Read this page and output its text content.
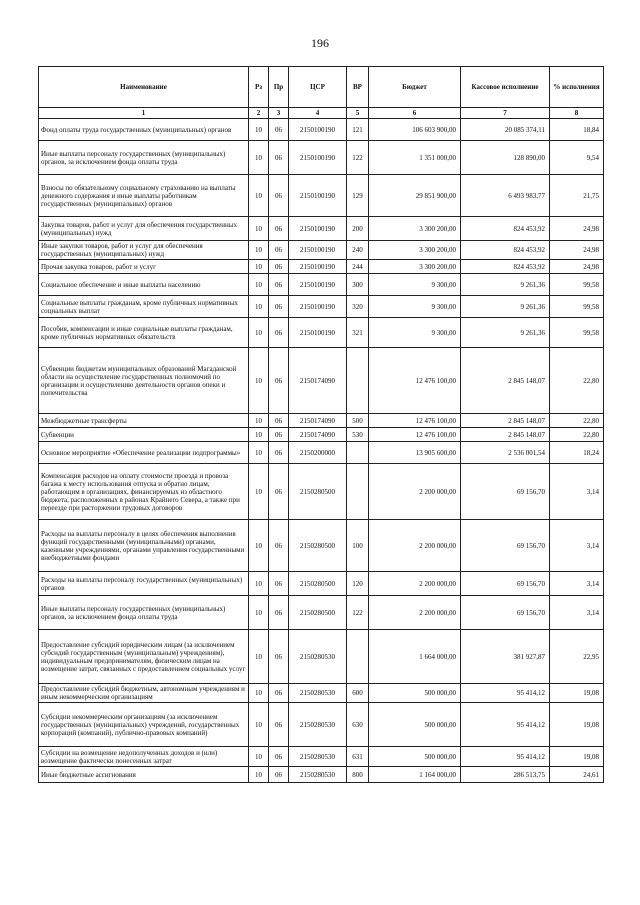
196
Наименование	Рз	Пр	ЦСР	ВР	Бюджет	Кассовое исполнение	% исполнения
1	2	3	4	5	6	7	8
Фонд оплаты труда государственных (муниципальных) органов	10	06	2150100190	121	106 603 900,00	20 085 374,11	18,84
Иные выплаты персоналу государственных (муниципальных) органов, за исключением фонда оплаты труда	10	06	2150100190	122	1 351 000,00	128 890,00	9,54
Взносы по обязательному социальному страхованию на выплаты денежного содержания и иные выплаты работникам государственных (муниципальных) органов	10	06	2150100190	129	29 851 900,00	6 493 983,77	21,75
Закупка товаров, работ и услуг для обеспечения государственных (муниципальных) нужд	10	06	2150100190	200	3 300 200,00	824 453,92	24,98
Иные закупки товаров, работ и услуг для обеспечения государственных (муниципальных) нужд	10	06	2150100190	240	3 300 200,00	824 453,92	24,98
Прочая закупка товаров, работ и услуг	10	06	2150100190	244	3 300 200,00	824 453,92	24,98
Социальное обеспечение и иные выплаты населению	10	06	2150100190	300	9 300,00	9 261,36	99,58
Социальные выплаты гражданам, кроме публичных нормативных социальных выплат	10	06	2150100190	320	9 300,00	9 261,36	99,58
Пособия, компенсации и иные социальные выплаты гражданам, кроме публичных нормативных обязательств	10	06	2150100190	321	9 300,00	9 261,36	99,58
Субвенции бюджетам муниципальных образований Магаданской области на осуществление государственных полномочий по организации и осуществлению деятельности органов опеки и попечительства	10	06	2150174090		12 476 100,00	2 845 148,07	22,80
Межбюджетные трансферты	10	06	2150174090	500	12 476 100,00	2 845 148,07	22,80
Субвенции	10	06	2150174090	530	12 476 100,00	2 845 148,07	22,80
Основное мероприятие «Обеспечение реализации подпрограммы»	10	06	2150200000		13 905 600,00	2 536 001,54	18,24
Компенсация расходов на оплату стоимости проезда и провоза багажа к месту использования отпуска и обратно лицам, работающим в организациях, финансируемых из областного бюджета, расположенных в районах Крайнего Севера, а также при переезде при расторжении трудовых договоров	10	06	2150280500		2 200 000,00	69 156,70	3,14
Расходы на выплаты персоналу в целях обеспечения выполнения функций государственными (муниципальными) органами, казенными учреждениями, органами управления государственными внебюджетными фондами	10	06	2150280500	100	2 200 000,00	69 156,70	3,14
Расходы на выплаты персоналу государственных (муниципальных) органов	10	06	2150280500	120	2 200 000,00	69 156,70	3,14
Иные выплаты персоналу государственных (муниципальных) органов, за исключением фонда оплаты труда	10	06	2150280500	122	2 200 000,00	69 156,70	3,14
Предоставление субсидий юридическим лицам (за исключением субсидий государственным (муниципальным) учреждениям), индивидуальным предпринимателям, физическим лицам на возмещение затрат, связанных с предоставлением социальных услуг	10	06	2150280530		1 664 000,00	381 927,87	22,95
Предоставление субсидий бюджетным, автономным учреждениям и иным некоммерческим организациям	10	06	2150280530	600	500 000,00	95 414,12	19,08
Субсидии некоммерческим организациям (за исключением государственных (муниципальных) учреждений, государственных корпораций (компаний), публично-правовых компаний)	10	06	2150280530	630	500 000,00	95 414,12	19,08
Субсидии на возмещение недополученных доходов и (или) возмещение фактически понесенных затрат	10	06	2150280530	631	500 000,00	95 414,12	19,08
Иные бюджетные ассигнования	10	06	2150280530	800	1 164 000,00	286 513,75	24,61
